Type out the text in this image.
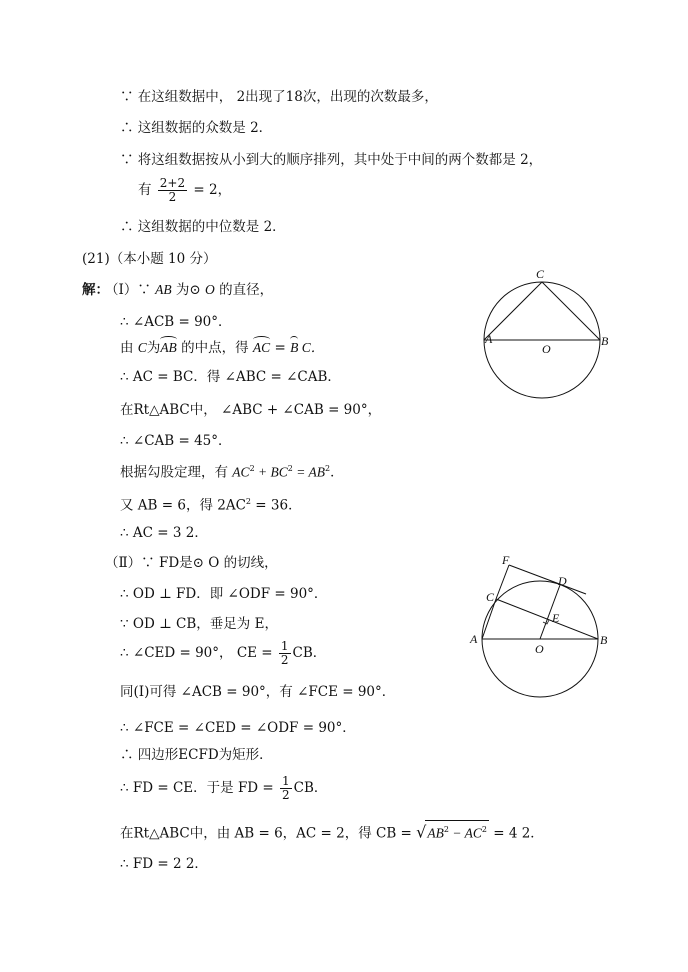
∵ 在这组数据中， 2出现了18次，出现的次数最多，
∴ 这组数据的众数是 2．
∵ 将这组数据按从小到大的顺序排列，其中处于中间的两个数都是 2，
有 $\frac{2+2}{2} = 2$，
∴ 这组数据的中位数是 2．
(21)（本小题 10 分）
解：
（Ⅰ）∵ AB 为⊙ O 的直径，
∴ ∠ACB = 90°．
由 C为AB 的中点，得 AC = B C．
∴ AC = BC．得 ∠ABC = ∠CAB．
在Rt△ABC中， ∠ABC + ∠CAB = 90°，
∴ ∠CAB = 45°．
根据勾股定理，有 $AC^2 + BC^2 = AB^2$．
又 AB = 6，得 $2AC^2 = 36$．
∴ AC = 3 2．
（Ⅱ）∵ FD是⊙ O 的切线，
∴ OD ⊥ FD．即 ∠ODF = 90°．
∵ OD ⊥ CB，垂足为 E，
∴ ∠CED = 90°， CE = $\frac{1}{2}$ CB．
同(Ⅰ)可得 ∠ACB = 90°，有 ∠FCE = 90°．
∴ ∠FCE = ∠CED = ∠ODF = 90°．
∴ 四边形ECFD为矩形．
∴ FD = CE．于是 FD = $\frac{1}{2}$ CB．
在Rt△ABC中，由 AB = 6，AC = 2，得 CB = $√AB^2 - AC^2 = 4$ 2．
∴ FD = 2 2．
C
A	B
O
F
D
C
E
A	B
O
